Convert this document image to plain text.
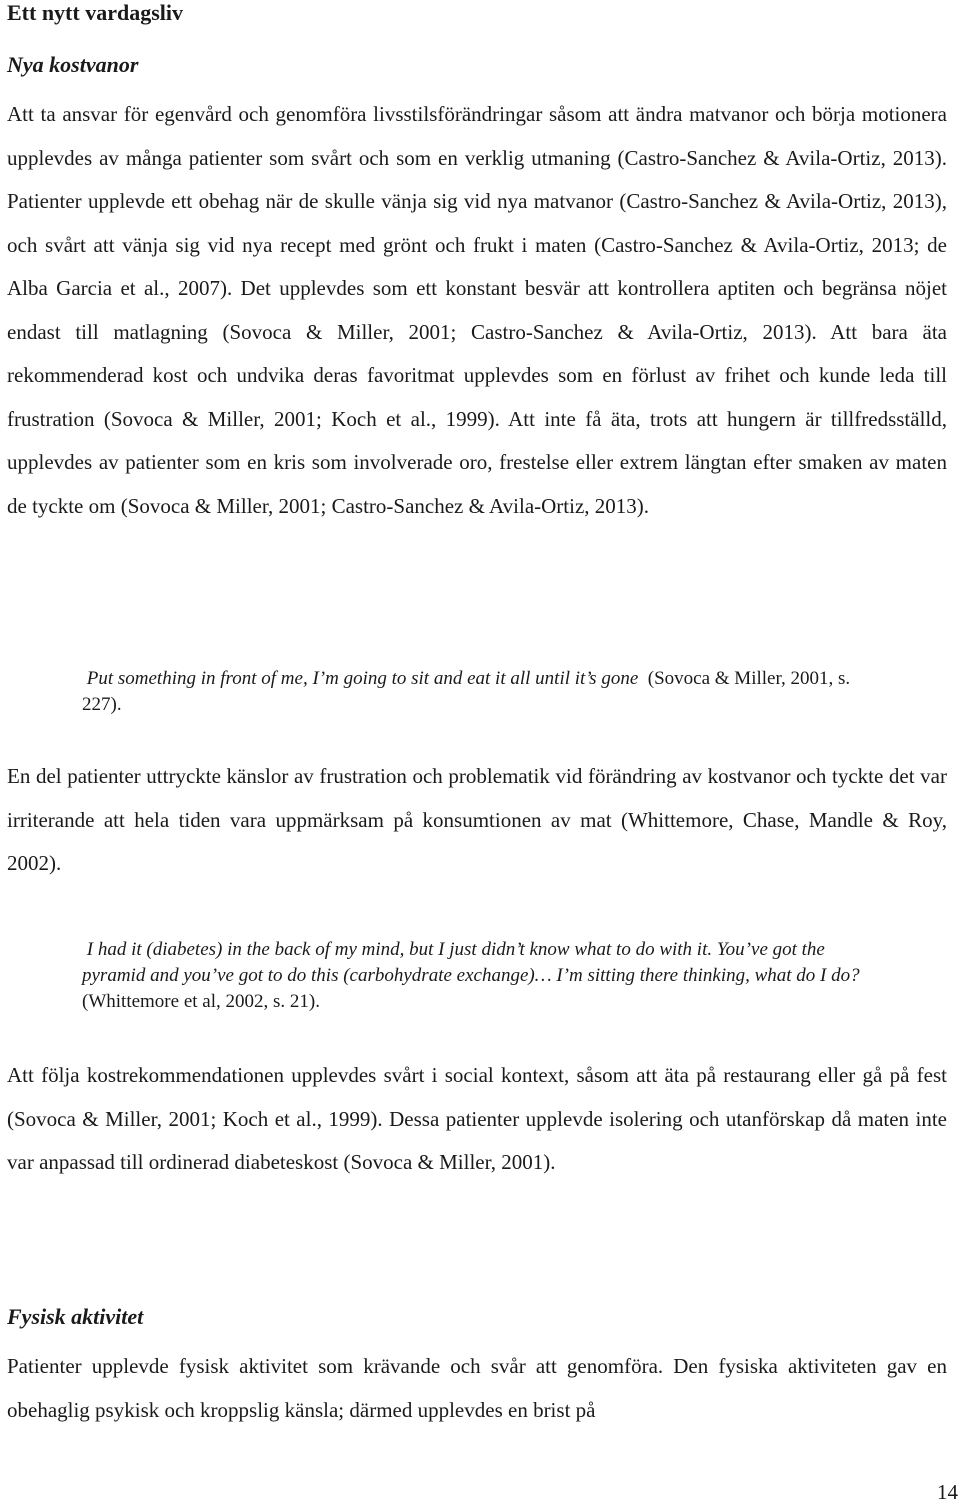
Ett nytt vardagsliv
Nya kostvanor

Att ta ansvar för egenvård och genomföra livsstilsförändringar såsom att ändra matvanor och börja motionera upplevdes av många patienter som svårt och som en verklig utmaning (Castro-Sanchez & Avila-Ortiz, 2013). Patienter upplevde ett obehag när de skulle vänja sig vid nya matvanor (Castro-Sanchez & Avila-Ortiz, 2013), och svårt att vänja sig vid nya recept med grönt och frukt i maten (Castro-Sanchez & Avila-Ortiz, 2013; de Alba Garcia et al., 2007). Det upplevdes som ett konstant besvär att kontrollera aptiten och begränsa nöjet endast till matlagning (Sovoca & Miller, 2001; Castro-Sanchez & Avila-Ortiz, 2013). Att bara äta rekommenderad kost och undvika deras favoritmat upplevdes som en förlust av frihet och kunde leda till frustration (Sovoca & Miller, 2001; Koch et al., 1999). Att inte få äta, trots att hungern är tillfredsställd, upplevdes av patienter som en kris som involverade oro, frestelse eller extrem längtan efter smaken av maten de tyckte om (Sovoca & Miller, 2001; Castro-Sanchez & Avila-Ortiz, 2013).

Put something in front of me, I’m going to sit and eat it all until it’s gone  (Sovoca & Miller, 2001, s. 227).

En del patienter uttryckte känslor av frustration och problematik vid förändring av kostvanor och tyckte det var irriterande att hela tiden vara uppmärksam på konsumtionen av mat (Whittemore, Chase, Mandle & Roy, 2002).

I had it (diabetes) in the back of my mind, but I just didn’t know what to do with it. You’ve got the pyramid and you’ve got to do this (carbohydrate exchange)… I’m sitting there thinking, what do I do?  (Whittemore et al, 2002, s. 21).

Att följa kostrekommendationen upplevdes svårt i social kontext, såsom att äta på restaurang eller gå på fest (Sovoca & Miller, 2001; Koch et al., 1999). Dessa patienter upplevde isolering och utanförskap då maten inte var anpassad till ordinerad diabeteskost (Sovoca & Miller, 2001).

Fysisk aktivitet

Patienter upplevde fysisk aktivitet som krävande och svår att genomföra. Den fysiska aktiviteten gav en obehaglig psykisk och kroppslig känsla; därmed upplevdes en brist på

14
